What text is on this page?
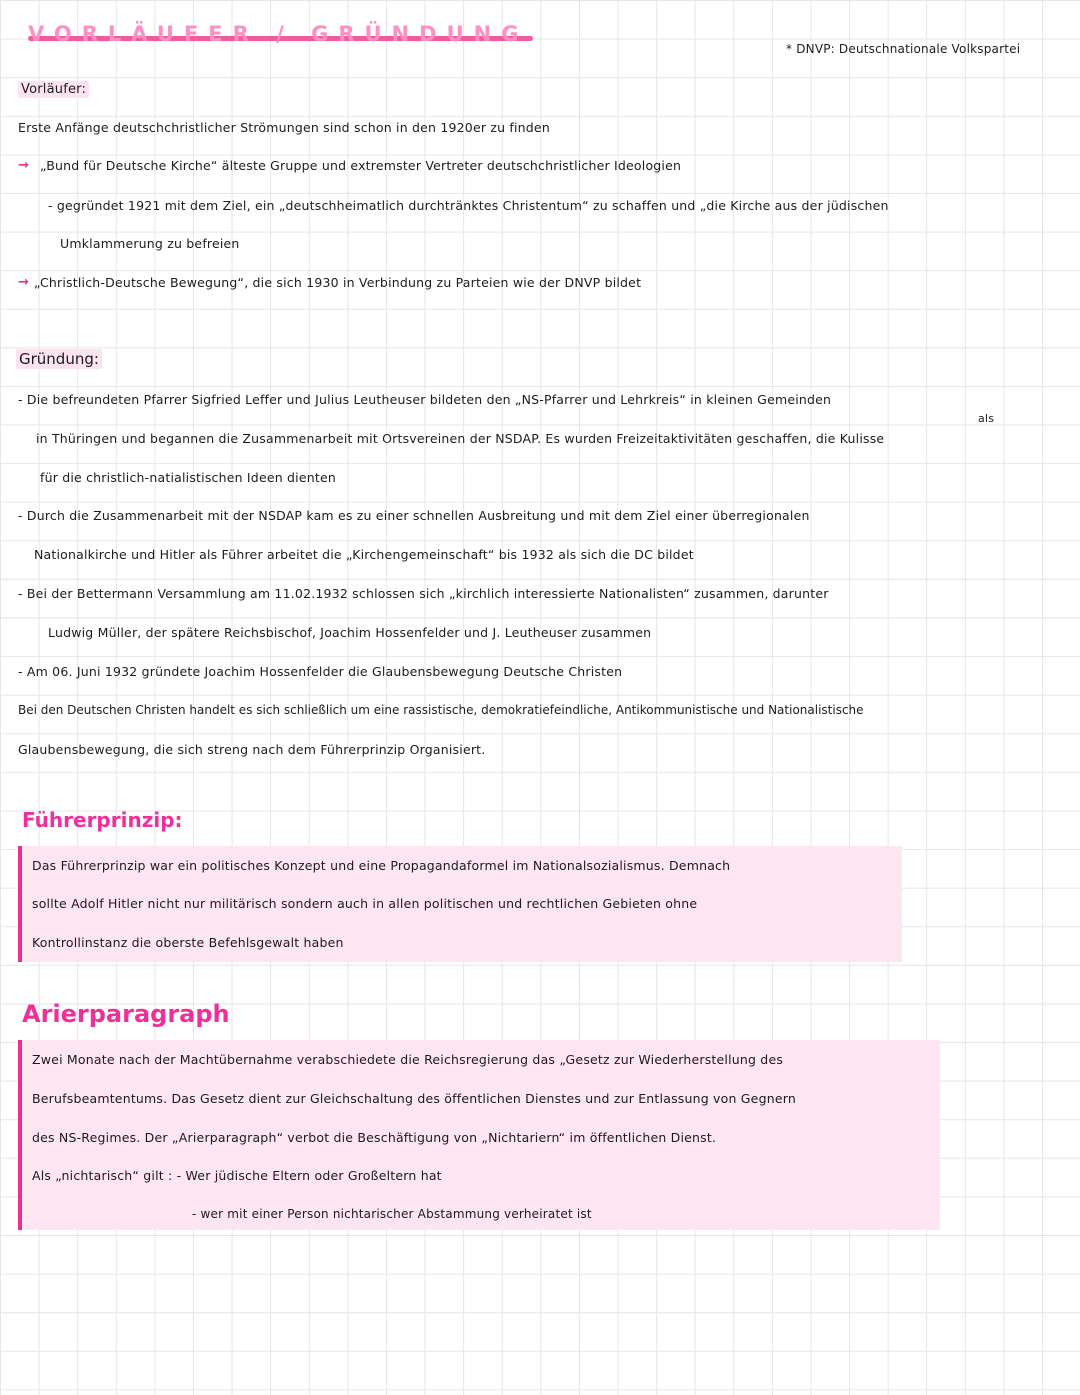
VORLÄUFER / GRÜNDUNG
* DNVP: Deutschnationale Volkspartei
Vorläufer:
Erste Anfänge deutschchristlicher Strömungen sind schon in den 1920er zu finden
→ „Bund für Deutsche Kirche“ älteste Gruppe und extremster Vertreter deutschchristlicher Ideologien
- gegründet 1921 mit dem Ziel, ein „deutschheimatlich durchtränktes Christentum“ zu schaffen und „die Kirche aus der jüdischen
Umklammerung zu befreien
→ „Christlich-Deutsche Bewegung“, die sich 1930 in Verbindung zu Parteien wie der DNVP bildet
Gründung:
- Die befreundeten Pfarrer Sigfried Leffer und Julius Leutheuser bildeten den „NS-Pfarrer und Lehrkreis“ in kleinen Gemeinden
als
in Thüringen und begannen die Zusammenarbeit mit Ortsvereinen der NSDAP. Es wurden Freizeitaktivitäten geschaffen, die Kulisse
für die christlich-natialistischen Ideen dienten
- Durch die Zusammenarbeit mit der NSDAP kam es zu einer schnellen Ausbreitung und mit dem Ziel einer überregionalen
Nationalkirche und Hitler als Führer arbeitet die „Kirchengemeinschaft“ bis 1932 als sich die DC bildet
- Bei der Bettermann Versammlung am 11.02.1932 schlossen sich „kirchlich interessierte Nationalisten“ zusammen, darunter
Ludwig Müller, der spätere Reichsbischof, Joachim Hossenfelder und J. Leutheuser zusammen
- Am 06. Juni 1932 gründete Joachim Hossenfelder die Glaubensbewegung Deutsche Christen
Bei den Deutschen Christen handelt es sich schließlich um eine rassistische, demokratiefeindliche, Antikommunistische und Nationalistische
Glaubensbewegung, die sich streng nach dem Führerprinzip Organisiert.
Führerprinzip:
Das Führerprinzip war ein politisches Konzept und eine Propagandaformel im Nationalsozialismus. Demnach
sollte Adolf Hitler nicht nur militärisch sondern auch in allen politischen und rechtlichen Gebieten ohne
Kontrollinstanz die oberste Befehlsgewalt haben
Arierparagraph
Zwei Monate nach der Machtübernahme verabschiedete die Reichsregierung das „Gesetz zur Wiederherstellung des
Berufsbeamtentums. Das Gesetz dient zur Gleichschaltung des öffentlichen Dienstes und zur Entlassung von Gegnern
des NS-Regimes. Der „Arierparagraph“ verbot die Beschäftigung von „Nichtariern“ im öffentlichen Dienst.
Als „nichtarisch“ gilt : - Wer jüdische Eltern oder Großeltern hat
- wer mit einer Person nichtarischer Abstammung verheiratet ist
